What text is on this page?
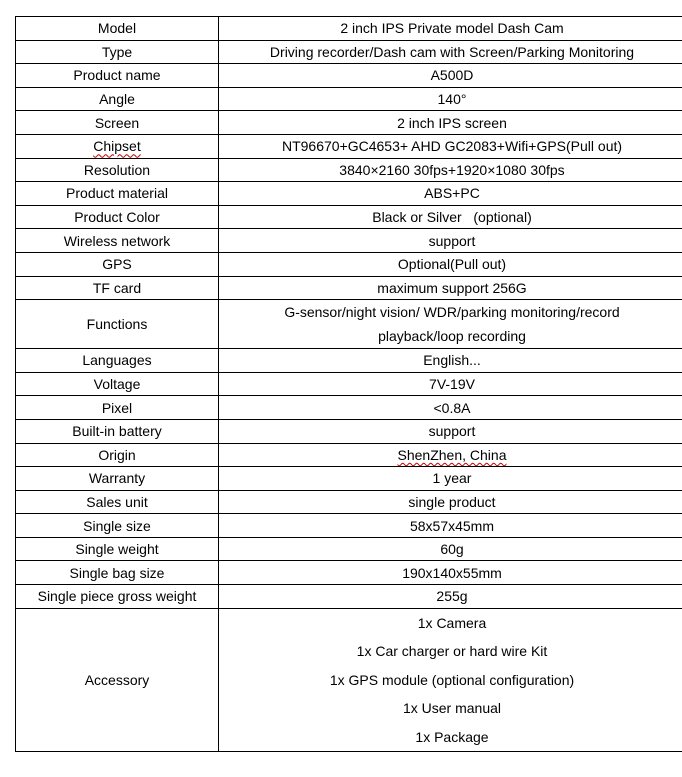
Model	2 inch IPS Private model Dash Cam
Type	Driving recorder/Dash cam with Screen/Parking Monitoring
Product name	A500D
Angle	140°
Screen	2 inch IPS screen
Chipset	NT96670+GC4653+ AHD GC2083+Wifi+GPS(Pull out)
Resolution	3840×2160 30fps+1920×1080 30fps
Product material	ABS+PC
Product Color	Black or Silver   (optional)
Wireless network	support
GPS	Optional(Pull out)
TF card	maximum support 256G
Functions	G-sensor/night vision/ WDR/parking monitoring/record
playback/loop recording

Languages	English...
Voltage	7V-19V
Pixel	<0.8A
Built-in battery	support
Origin	ShenZhen, China
Warranty	1 year
Sales unit	single product
Single size	58x57x45mm
Single weight	60g
Single bag size	190x140x55mm
Single piece gross weight	255g
Accessory	1x Camera
1x Car charger or hard wire Kit
1x GPS module (optional configuration)
1x User manual
1x Package
